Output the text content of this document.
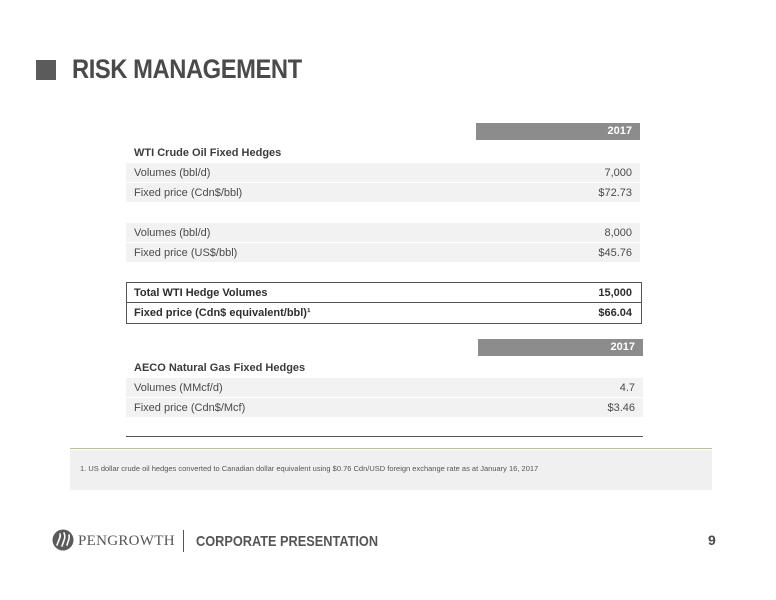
RISK MANAGEMENT
2017
WTI Crude Oil Fixed Hedges
Volumes (bbl/d)	7,000
Fixed price (Cdn$/bbl)	$72.73
Volumes (bbl/d)	8,000
Fixed price (US$/bbl)	$45.76
Total WTI Hedge Volumes	15,000
Fixed price (Cdn$ equivalent/bbl)¹	$66.04
2017
AECO Natural Gas Fixed Hedges
Volumes (MMcf/d)	4.7
Fixed price (Cdn$/Mcf)	$3.46
1. US dollar crude oil hedges converted to Canadian dollar equivalent using $0.76 Cdn/USD foreign exchange rate as at January 16, 2017
PENGROWTH CORPORATE PRESENTATION	9
